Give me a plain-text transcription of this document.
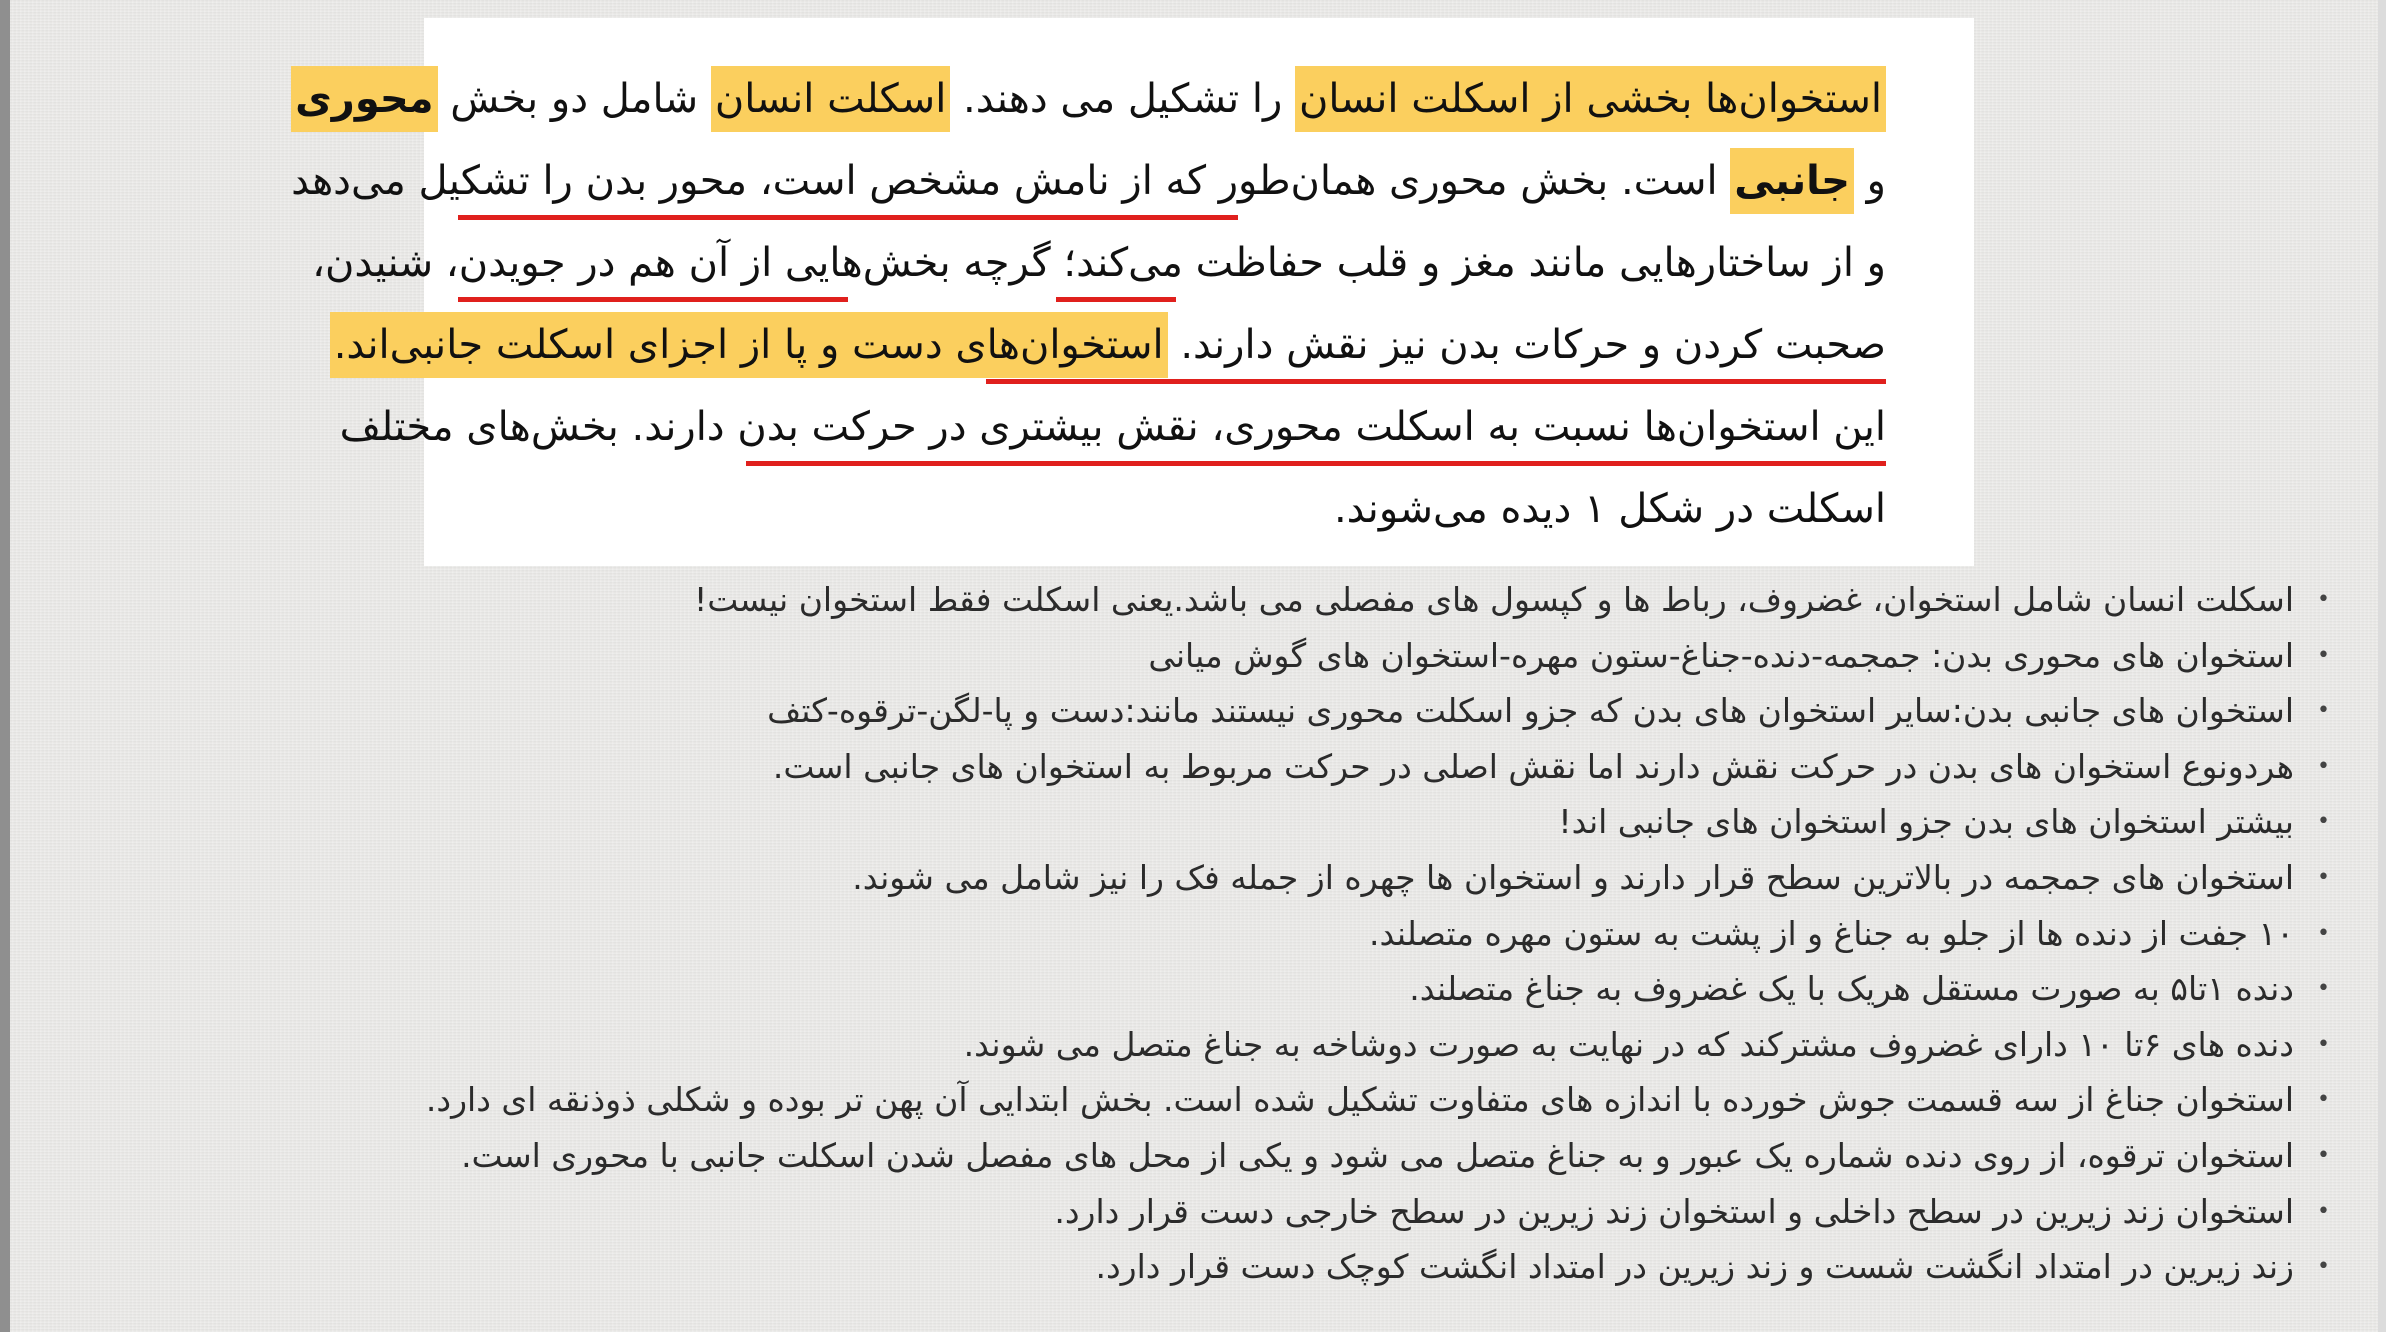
استخوان‌ها بخشی از اسکلت انسان را تشکیل می دهند. اسکلت انسان شامل دو بخش محوری
و جانبی است. بخش محوری همان‌طور که از نامش مشخص است، محور بدن را تشکیل می‌دهد
و از ساختارهایی مانند مغز و قلب حفاظت می‌کند؛ گرچه بخش‌هایی از آن هم در جویدن، شنیدن،
صحبت کردن و حرکات بدن نیز نقش دارند. استخوان‌های دست و پا از اجزای اسکلت جانبی‌اند.
این استخوان‌ها نسبت به اسکلت محوری، نقش بیشتری در حرکت بدن دارند. بخش‌های مختلف
اسکلت در شکل ۱ دیده می‌شوند.
•
اسکلت انسان شامل استخوان، غضروف، رباط ها و کپسول های مفصلی می باشد.یعنی اسکلت فقط استخوان نیست!
•
استخوان های محوری بدن: جمجمه-دنده-جناغ-ستون مهره-استخوان های گوش میانی
•
استخوان های جانبی بدن:سایر استخوان های بدن که جزو اسکلت محوری نیستند مانند:دست و پا-لگن-ترقوه-کتف
•
هردونوع استخوان های بدن در حرکت نقش دارند اما نقش اصلی در حرکت مربوط به استخوان های جانبی است.
•
بیشتر استخوان های بدن جزو استخوان های جانبی اند!
•
استخوان های جمجمه در بالاترین سطح قرار دارند و استخوان ها چهره از جمله فک را نیز شامل می شوند.
•
۱۰ جفت از دنده ها از جلو به جناغ و از پشت به ستون مهره متصلند.
•
دنده ۱تا۵ به صورت مستقل هریک با یک غضروف به جناغ متصلند.
•
دنده های ۶تا ۱۰ دارای غضروف مشترکند که در نهایت به صورت دوشاخه به جناغ متصل می شوند.
•
استخوان جناغ از سه قسمت جوش خورده با اندازه های متفاوت تشکیل شده است. بخش ابتدایی آن پهن تر بوده و شکلی ذوذنقه ای دارد.
•
استخوان ترقوه، از روی دنده شماره یک عبور و به جناغ متصل می شود و یکی از محل های مفصل شدن اسکلت جانبی با محوری است.
•
استخوان زند زیرین در سطح داخلی و استخوان زند زیرین در سطح خارجی دست قرار دارد.
•
زند زیرین در امتداد انگشت شست و زند زیرین در امتداد انگشت کوچک دست قرار دارد.
